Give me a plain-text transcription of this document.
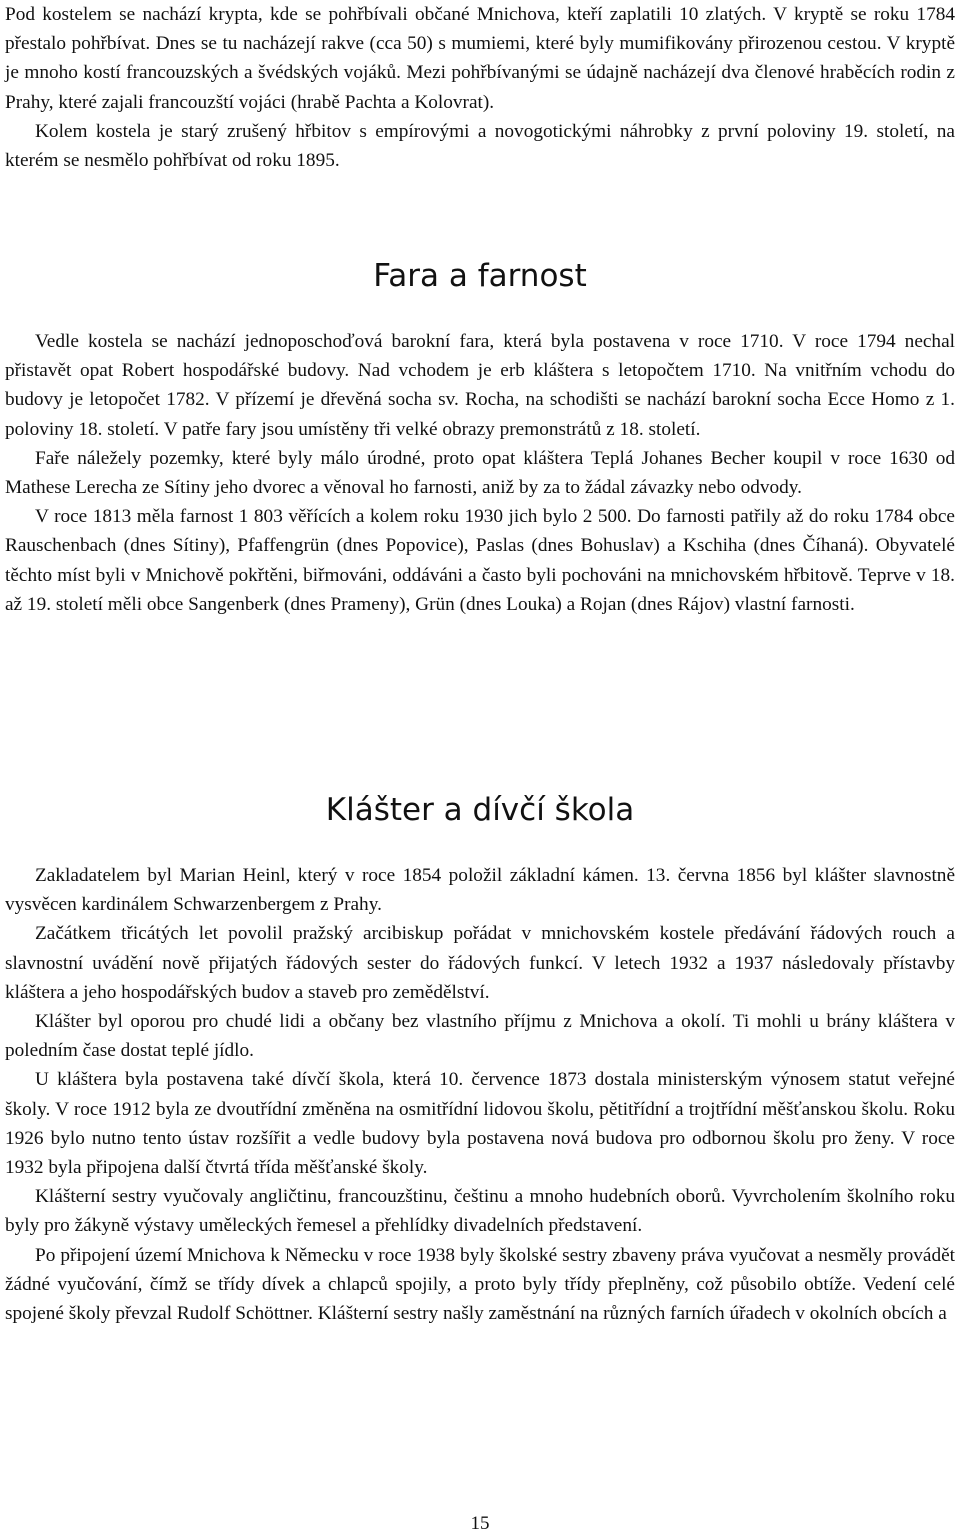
Pod kostelem se nachází krypta, kde se pohřbívali občané Mnichova, kteří zaplatili 10 zlatých. V kryptě se roku 1784 přestalo pohřbívat. Dnes se tu nacházejí rakve (cca 50) s mumiemi, které byly mumifikovány přirozenou cestou. V kryptě je mnoho kostí francouzských a švédských vojáků. Mezi pohřbívanými se údajně nacházejí dva členové hraběcích rodin z Prahy, které zajali francouzští vojáci (hrabě Pachta a Kolovrat).

Kolem kostela je starý zrušený hřbitov s empírovými a novogotickými náhrobky z první poloviny 19. století, na kterém se nesmělo pohřbívat od roku 1895.

Fara a farnost

Vedle kostela se nachází jednoposchoďová barokní fara, která byla postavena v roce 1710. V roce 1794 nechal přistavět opat Robert hospodářské budovy. Nad vchodem je erb kláštera s letopočtem 1710. Na vnitřním vchodu do budovy je letopočet 1782. V přízemí je dřevěná socha sv. Rocha, na schodišti se nachází barokní socha Ecce Homo z 1. poloviny 18. století. V patře fary jsou umístěny tři velké obrazy premonstrátů z 18. století.

Faře náležely pozemky, které byly málo úrodné, proto opat kláštera Teplá Johanes Becher koupil v roce 1630 od Mathese Lerecha ze Sítiny jeho dvorec a věnoval ho farnosti, aniž by za to žádal závazky nebo odvody.

V roce 1813 měla farnost 1 803 věřících a kolem roku 1930 jich bylo 2 500. Do farnosti patřily až do roku 1784 obce Rauschenbach (dnes Sítiny), Pfaffengrün (dnes Popovice), Paslas (dnes Bohuslav) a Kschiha (dnes Číhaná). Obyvatelé těchto míst byli v Mnichově pokřtěni, biřmováni, oddáváni a často byli pochováni na mnichovském hřbitově. Teprve v 18. až 19. století měli obce Sangenberk (dnes Prameny), Grün (dnes Louka) a Rojan (dnes Rájov) vlastní farnosti.

Klášter a dívčí škola

Zakladatelem byl Marian Heinl, který v roce 1854 položil základní kámen. 13. června 1856 byl klášter slavnostně vysvěcen kardinálem Schwarzenbergem z Prahy.

Začátkem třicátých let povolil pražský arcibiskup pořádat v mnichovském kostele předávání řádových rouch a slavnostní uvádění nově přijatých řádových sester do řádových funkcí. V letech 1932 a 1937 následovaly přístavby kláštera a jeho hospodářských budov a staveb pro zemědělství.

Klášter byl oporou pro chudé lidi a občany bez vlastního příjmu z Mnichova a okolí. Ti mohli u brány kláštera v poledním čase dostat teplé jídlo.

U kláštera byla postavena také dívčí škola, která 10. července 1873 dostala ministerským výnosem statut veřejné školy. V roce 1912 byla ze dvoutřídní změněna na osmitřídní lidovou školu, pětitřídní a trojtřídní měšťanskou školu. Roku 1926 bylo nutno tento ústav rozšířit a vedle budovy byla postavena nová budova pro odbornou školu pro ženy. V roce 1932 byla připojena další čtvrtá třída měšťanské školy.

Klášterní sestry vyučovaly angličtinu, francouzštinu, češtinu a mnoho hudebních oborů. Vyvrcholením školního roku byly pro žákyně výstavy uměleckých řemesel a přehlídky divadelních představení.

Po připojení území Mnichova k Německu v roce 1938 byly školské sestry zbaveny práva vyučovat a nesměly provádět žádné vyučování, čímž se třídy dívek a chlapců spojily, a proto byly třídy přeplněny, což působilo obtíže. Vedení celé spojené školy převzal Rudolf Schöttner. Klášterní sestry našly zaměstnání na různých farních úřadech v okolních obcích a

15
